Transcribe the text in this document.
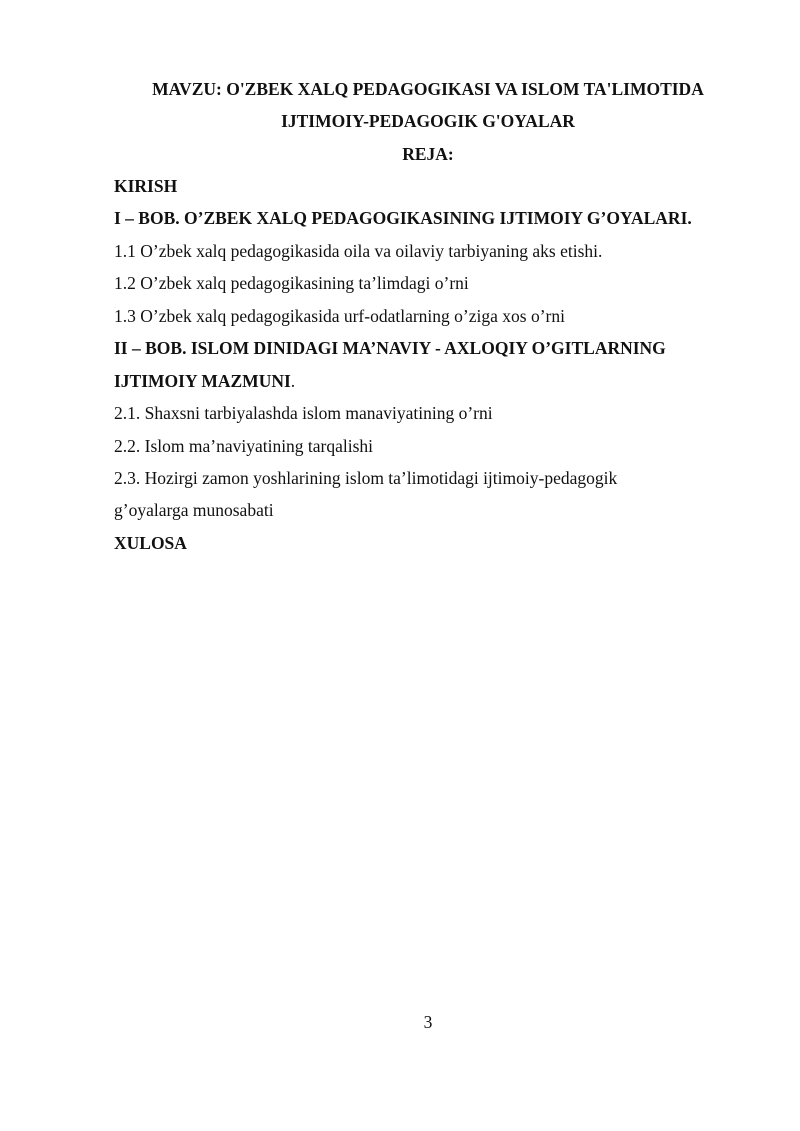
MAVZU: O'ZBEK XALQ PEDAGOGIKASI VA ISLOM TA'LIMOTIDA
IJTIMOIY-PEDAGOGIK G'OYALAR
REJA:
KIRISH
I – BOB. O’ZBEK XALQ PEDAGOGIKASINING IJTIMOIY G’OYALARI.
1.1 O’zbek xalq pedagogikasida oila va oilaviy tarbiyaning aks etishi.
1.2 O’zbek xalq pedagogikasining ta’limdagi o’rni
1.3 O’zbek xalq pedagogikasida urf-odatlarning o’ziga xos o’rni
II – BOB. ISLOM DINIDAGI MA’NAVIY - AXLOQIY O’GITLARNING
IJTIMOIY MAZMUNI.
2.1. Shaxsni tarbiyalashda islom manaviyatining o’rni
2.2. Islom ma’naviyatining tarqalishi
2.3. Hozirgi zamon yoshlarining islom ta’limotidagi ijtimoiy-pedagogik
g’oyalarga munosabati
XULOSA
3
